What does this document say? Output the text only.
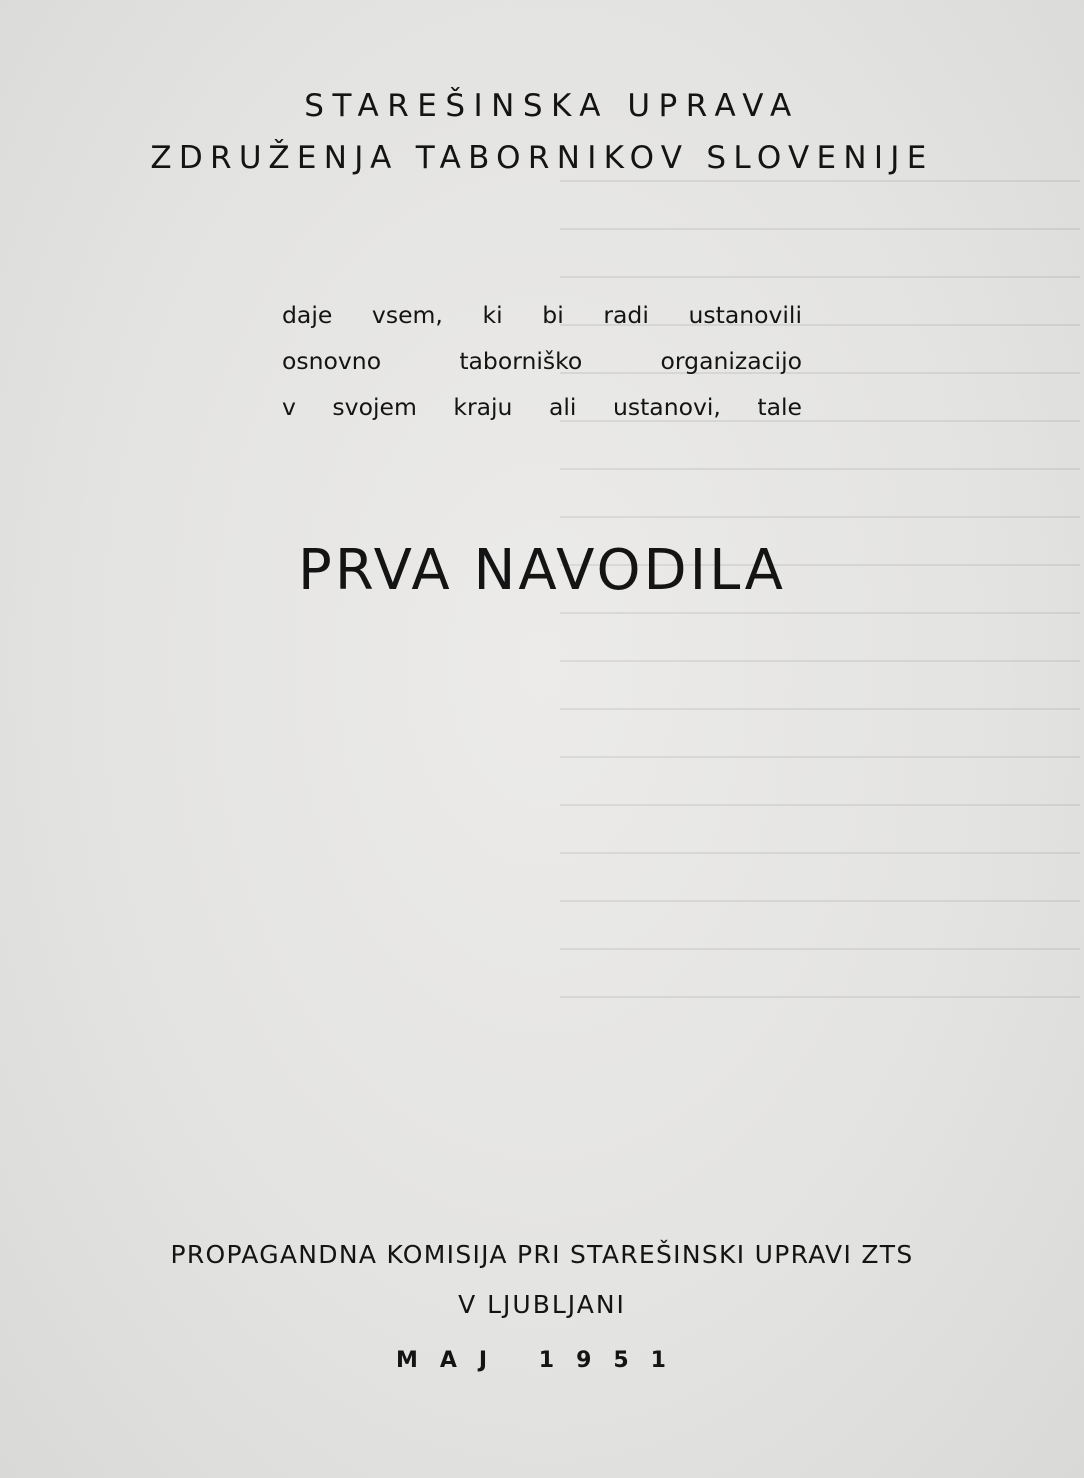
STAREŠINSKA UPRAVA
ZDRUŽENJA TABORNIKOV SLOVENIJE
daje vsem, ki bi radi ustanovili
osnovno taborniško organizacijo
v svojem kraju ali ustanovi, tale
PRVA NAVODILA
PROPAGANDNA KOMISIJA PRI STAREŠINSKI UPRAVI ZTS
V LJUBLJANI
MAJ 1951
